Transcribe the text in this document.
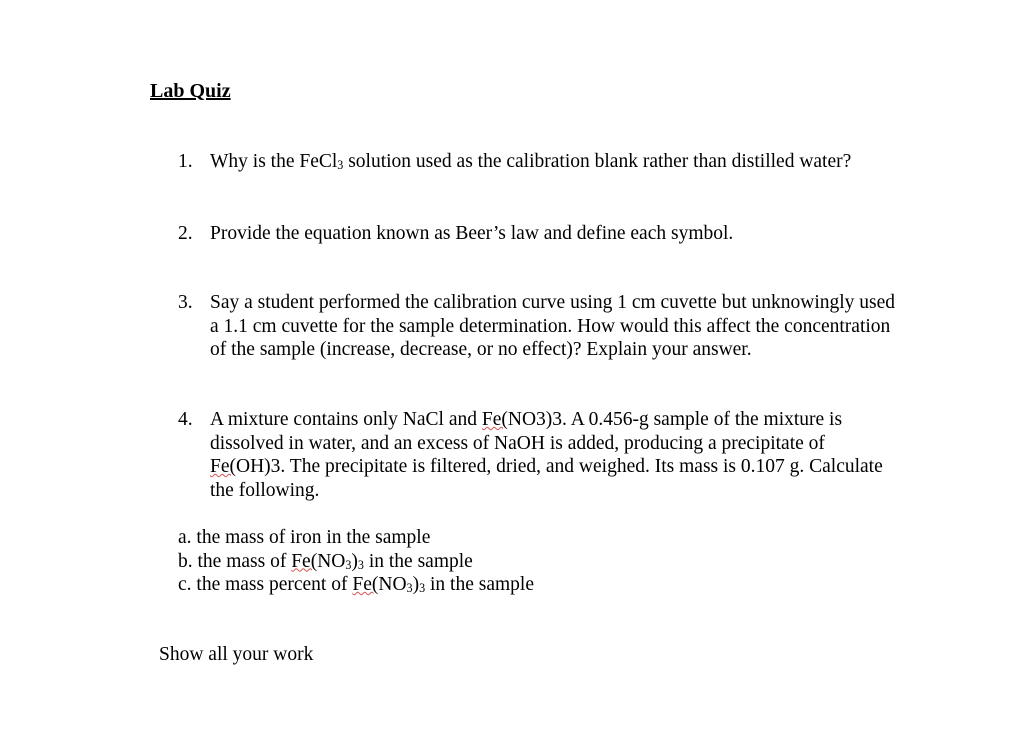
Lab Quiz
1. Why is the FeCl$_3$ solution used as the calibration blank rather than distilled water?
2. Provide the equation known as Beer’s law and define each symbol.
3. Say a student performed the calibration curve using 1 cm cuvette but unknowingly used a 1.1 cm cuvette for the sample determination. How would this affect the concentration of the sample (increase, decrease, or no effect)? Explain your answer.
4. A mixture contains only NaCl and Fe(NO3)3. A 0.456-g sample of the mixture is dissolved in water, and an excess of NaOH is added, producing a precipitate of Fe(OH)3. The precipitate is filtered, dried, and weighed. Its mass is 0.107 g. Calculate the following.
a. the mass of iron in the sample
b. the mass of $Fe(NO_3)_3$ in the sample
c. the mass percent of $Fe(NO_3)_3$ in the sample
Show all your work
